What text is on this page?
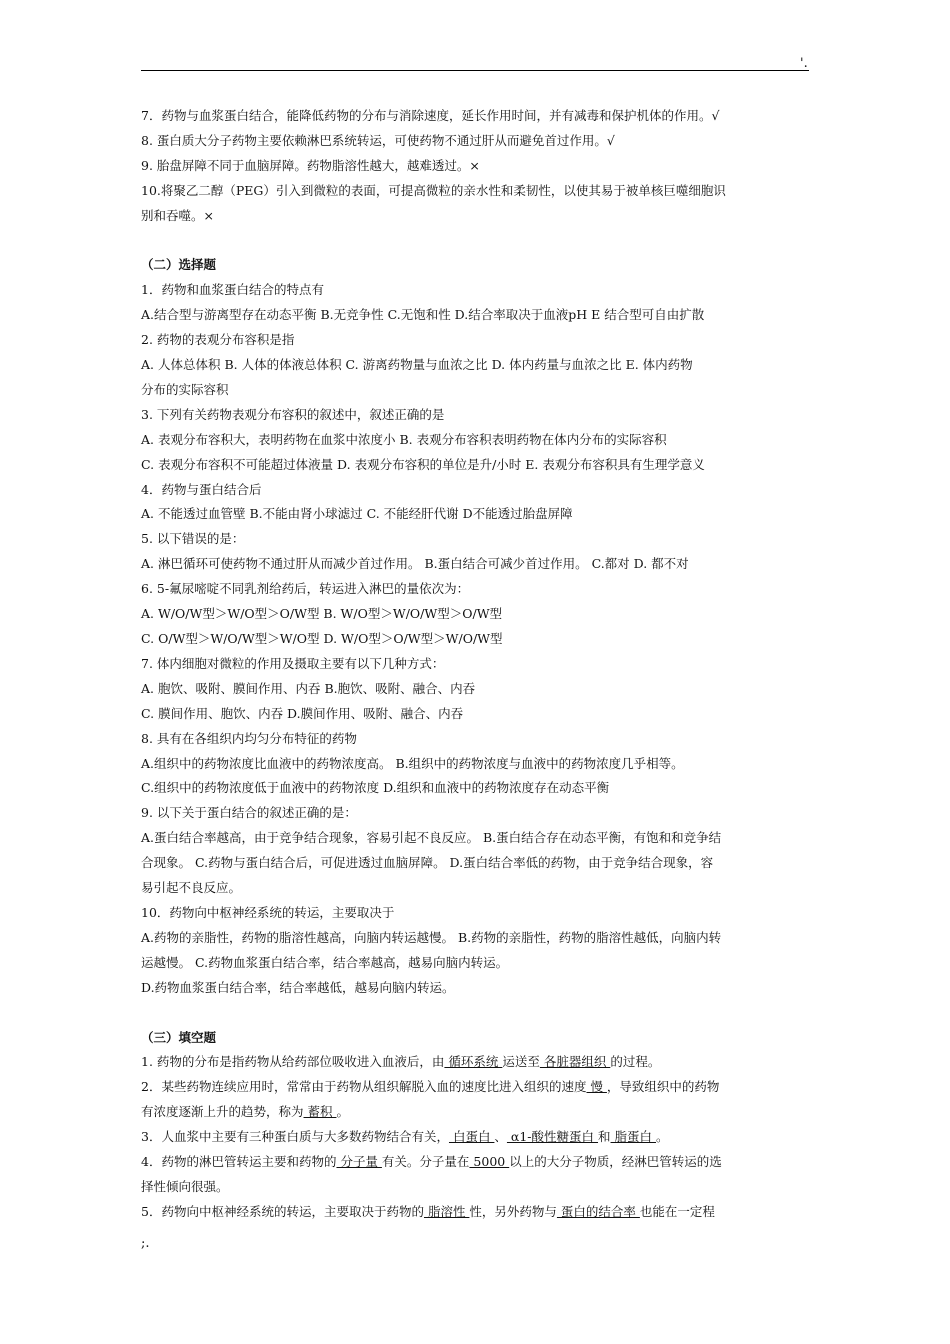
'.
7．药物与血浆蛋白结合，能降低药物的分布与消除速度，延长作用时间，并有减毒和保护机体的作用。√
8. 蛋白质大分子药物主要依赖淋巴系统转运，可使药物不通过肝从而避免首过作用。√
9. 胎盘屏障不同于血脑屏障。药物脂溶性越大，越难透过。×
10.将聚乙二醇（PEG）引入到微粒的表面，可提高微粒的亲水性和柔韧性，以使其易于被单核巨噬细胞识
别和吞噬。×
（二）选择题
1．药物和血浆蛋白结合的特点有
A.结合型与游离型存在动态平衡 B.无竞争性 C.无饱和性 D.结合率取决于血液pH E 结合型可自由扩散
2. 药物的表观分布容积是指
A. 人体总体积 B. 人体的体液总体积 C. 游离药物量与血浓之比 D. 体内药量与血浓之比 E. 体内药物
分布的实际容积
3. 下列有关药物表观分布容积的叙述中，叙述正确的是
A. 表观分布容积大，表明药物在血浆中浓度小 B. 表观分布容积表明药物在体内分布的实际容积
C. 表观分布容积不可能超过体液量 D. 表观分布容积的单位是升/小时 E. 表观分布容积具有生理学意义
4．药物与蛋白结合后
A. 不能透过血管壁 B.不能由肾小球滤过 C. 不能经肝代谢 D不能透过胎盘屏障
5. 以下错误的是：
A. 淋巴循环可使药物不通过肝从而减少首过作用。 B.蛋白结合可减少首过作用。 C.都对 D. 都不对
6. 5-氟尿嘧啶不同乳剂给药后，转运进入淋巴的量依次为：
A. W/O/W型＞W/O型＞O/W型 B. W/O型＞W/O/W型＞O/W型
C. O/W型＞W/O/W型＞W/O型 D. W/O型＞O/W型＞W/O/W型
7. 体内细胞对微粒的作用及摄取主要有以下几种方式：
A. 胞饮、吸附、膜间作用、内吞 B.胞饮、吸附、融合、内吞
C. 膜间作用、胞饮、内吞 D.膜间作用、吸附、融合、内吞
8. 具有在各组织内均匀分布特征的药物
A.组织中的药物浓度比血液中的药物浓度高。 B.组织中的药物浓度与血液中的药物浓度几乎相等。
C.组织中的药物浓度低于血液中的药物浓度 D.组织和血液中的药物浓度存在动态平衡
9. 以下关于蛋白结合的叙述正确的是：
A.蛋白结合率越高，由于竞争结合现象，容易引起不良反应。 B.蛋白结合存在动态平衡，有饱和和竞争结
合现象。 C.药物与蛋白结合后，可促进透过血脑屏障。 D.蛋白结合率低的药物，由于竞争结合现象，容
易引起不良反应。
10．药物向中枢神经系统的转运，主要取决于
A.药物的亲脂性，药物的脂溶性越高，向脑内转运越慢。 B.药物的亲脂性，药物的脂溶性越低，向脑内转
运越慢。 C.药物血浆蛋白结合率，结合率越高，越易向脑内转运。
D.药物血浆蛋白结合率，结合率越低，越易向脑内转运。
（三）填空题
1. 药物的分布是指药物从给药部位吸收进入血液后，由 循环系统 运送至 各脏器组织 的过程。
2．某些药物连续应用时，常常由于药物从组织解脱入血的速度比进入组织的速度 慢 ，导致组织中的药物
有浓度逐渐上升的趋势，称为 蓄积 。
3．人血浆中主要有三种蛋白质与大多数药物结合有关， 白蛋白 、 α1-酸性糖蛋白 和 脂蛋白 。
4．药物的淋巴管转运主要和药物的 分子量 有关。分子量在 5000 以上的大分子物质，经淋巴管转运的选
择性倾向很强。
5．药物向中枢神经系统的转运，主要取决于药物的 脂溶性 性，另外药物与 蛋白的结合率 也能在一定程
;.
